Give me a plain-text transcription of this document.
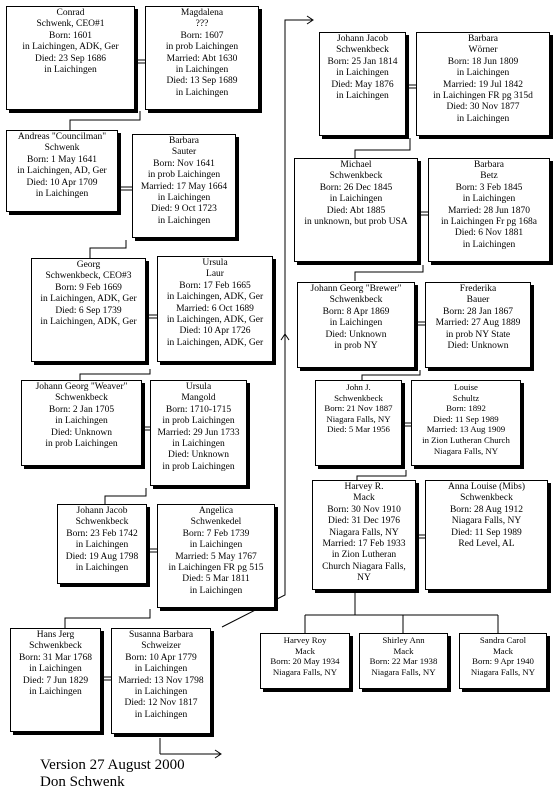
Conrad
Schwenk, CEO#1
Born: 1601
in Laichingen, ADK, Ger
Died: 23 Sep 1686
in Laichingen
Magdalena
???
Born: 1607
in prob Laichingen
Married: Abt 1630
in Laichingen
Died: 13 Sep 1689
in Laichingen
Andreas "Councilman"
Schwenk
Born: 1 May 1641
in Laichingen, AD, Ger
Died: 10 Apr 1709
in Laichingen
Barbara
Sauter
Born: Nov 1641
in prob Laichingen
Married: 17 May 1664
in Laichingen
Died: 9 Oct 1723
in Laichingen
Georg
Schwenkbeck, CEO#3
Born: 9 Feb 1669
in Laichingen, ADK, Ger
Died: 6 Sep 1739
in Laichingen, ADK, Ger
Ursula
Laur
Born: 17 Feb 1665
in Laichingen, ADK, Ger
Married: 6 Oct 1689
in Laichingen, ADK, Ger
Died: 10 Apr 1726
in Laichingen, ADK, Ger
Johann Georg "Weaver"
Schwenkbeck
Born: 2 Jan 1705
in Laichingen
Died: Unknown
in prob Laichingen
Ursula
Mangold
Born: 1710-1715
in prob Laichingen
Married: 29 Jun 1733
in Laichingen
Died: Unknown
in prob Laichingen
Johann Jacob
Schwenkbeck
Born: 23 Feb 1742
in Laichingen
Died: 19 Aug 1798
in Laichingen
Angelica
Schwenkedel
Born: 7 Feb 1739
in Laichingen
Married: 5 May 1767
in Laichingen FR pg 515
Died: 5 Mar 1811
in Laichingen
Hans Jerg
Schwenkbeck
Born: 31 Mar 1768
in Laichingen
Died: 7 Jun 1829
in Laichingen
Susanna Barbara
Schweizer
Born: 10 Apr 1779
in Laichingen
Married: 13 Nov 1798
in Laichingen
Died: 12 Nov 1817
in Laichingen
Johann Jacob
Schwenkbeck
Born: 25 Jan 1814
in Laichingen
Died: May 1876
in Laichingen
Barbara
Wörner
Born: 18 Jun 1809
in Laichingen
Married: 19 Jul 1842
in Laichingen FR pg 315d
Died: 30 Nov 1877
in Laichingen
Michael
Schwenkbeck
Born: 26 Dec 1845
in Laichingen
Died: Abt 1885
in unknown, but prob USA
Barbara
Betz
Born: 3 Feb 1845
in Laichingen
Married: 28 Jun 1870
in Laichingen Fr pg 168a
Died: 6 Nov 1881
in Laichingen
Johann Georg "Brewer"
Schwenkbeck
Born: 8 Apr 1869
in Laichingen
Died: Unknown
in prob NY
Frederika
Bauer
Born: 28 Jan 1867
Married: 27 Aug 1889
in prob NY State
Died: Unknown
John J.
Schwenkbeck
Born: 21 Nov 1887
Niagara Falls, NY
Died: 5 Mar 1956
Louise
Schultz
Born: 1892
Died: 11 Sep 1989
Married: 13 Aug 1909
in Zion Lutheran Church
Niagara Falls, NY
Harvey R.
Mack
Born: 30 Nov 1910
Died: 31 Dec 1976
Niagara Falls, NY
Married: 17 Feb 1933
in Zion Lutheran
Church Niagara Falls,
NY
Anna Louise (Mibs)
Schwenkbeck
Born: 28 Aug 1912
Niagara Falls, NY
Died: 11 Sep 1989
Red Level, AL
Harvey Roy
Mack
Born: 20 May 1934
Niagara Falls, NY
Shirley Ann
Mack
Born: 22 Mar 1938
Niagara Falls, NY
Sandra Carol
Mack
Born: 9 Apr 1940
Niagara Falls, NY
Version 27 August 2000
Don Schwenk
